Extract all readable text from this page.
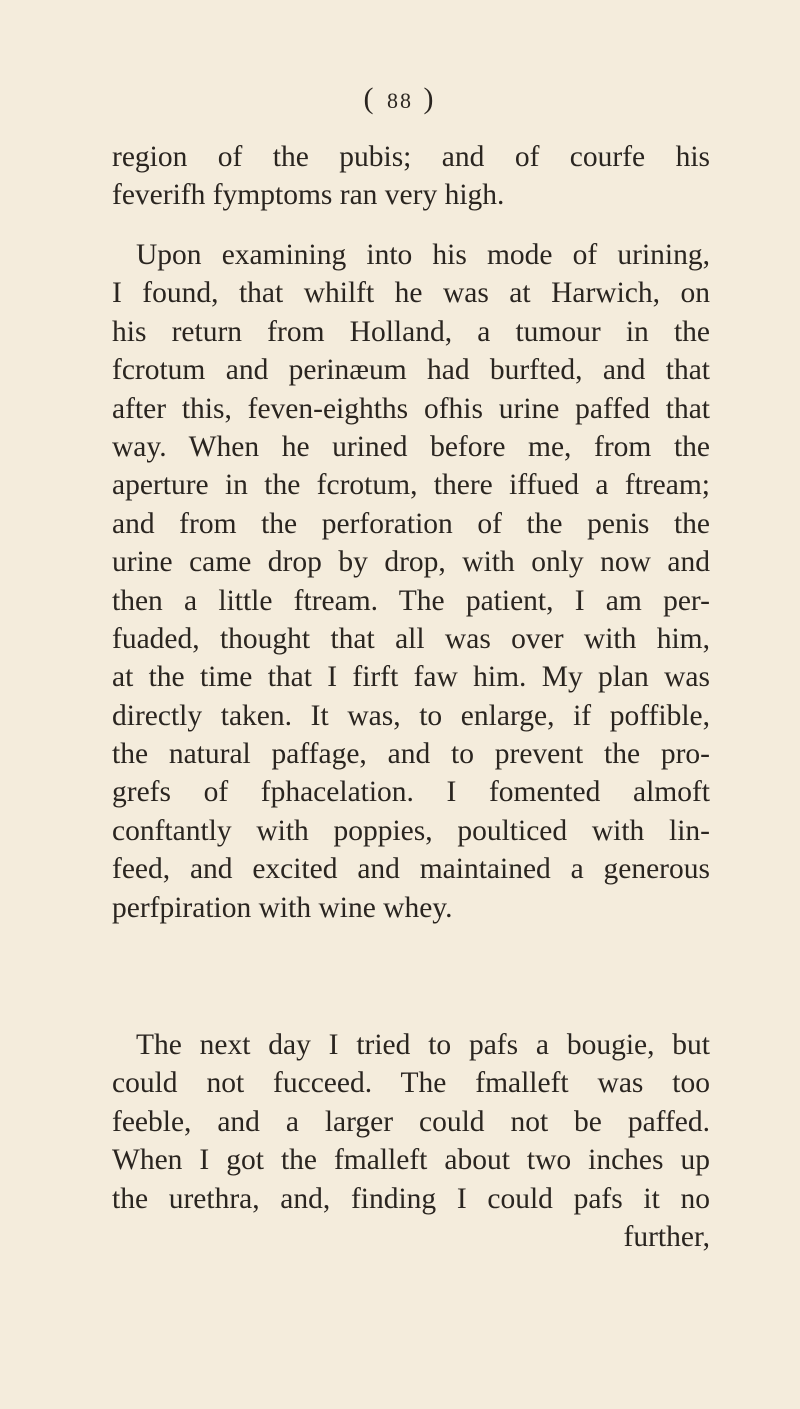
( 88 )
region of the pubis; and of courfe his
feverifh fymptoms ran very high.
Upon examining into his mode of urining,
I found, that whilft he was at Harwich, on
his return from Holland, a tumour in the
fcrotum and perinæum had burfted, and that
after this, feven-eighths ofhis urine paffed that
way. When he urined before me, from the
aperture in the fcrotum, there iffued a ftream;
and from the perforation of the penis the
urine came drop by drop, with only now and
then a little ftream. The patient, I am per-
fuaded, thought that all was over with him,
at the time that I firft faw him. My plan was
directly taken. It was, to enlarge, if poffible,
the natural paffage, and to prevent the pro-
grefs of fphacelation. I fomented almoft
conftantly with poppies, poulticed with lin-
feed, and excited and maintained a generous
perfpiration with wine whey.
The next day I tried to pafs a bougie, but
could not fucceed. The fmalleft was too
feeble, and a larger could not be paffed.
When I got the fmalleft about two inches up
the urethra, and, finding I could pafs it no
further,
